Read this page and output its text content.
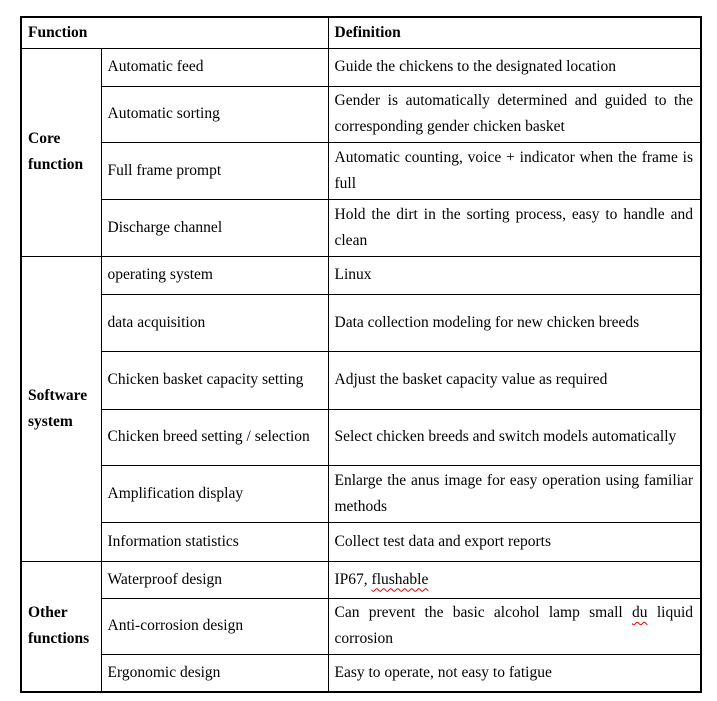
Function		Definition
Core function	Automatic feed	Guide the chickens to the designated location
	Automatic sorting	Gender is automatically determined and guided to the corresponding gender chicken basket
	Full frame prompt	Automatic counting, voice + indicator when the frame is full
	Discharge channel	Hold the dirt in the sorting process, easy to handle and clean
Software system	operating system	Linux
	data acquisition	Data collection modeling for new chicken breeds
	Chicken basket capacity setting	Adjust the basket capacity value as required
	Chicken breed setting / selection	Select chicken breeds and switch models automatically
	Amplification display	Enlarge the anus image for easy operation using familiar methods
	Information statistics	Collect test data and export reports
Other functions	Waterproof design	IP67, flushable
	Anti-corrosion design	Can prevent the basic alcohol lamp small du liquid corrosion
	Ergonomic design	Easy to operate, not easy to fatigue
